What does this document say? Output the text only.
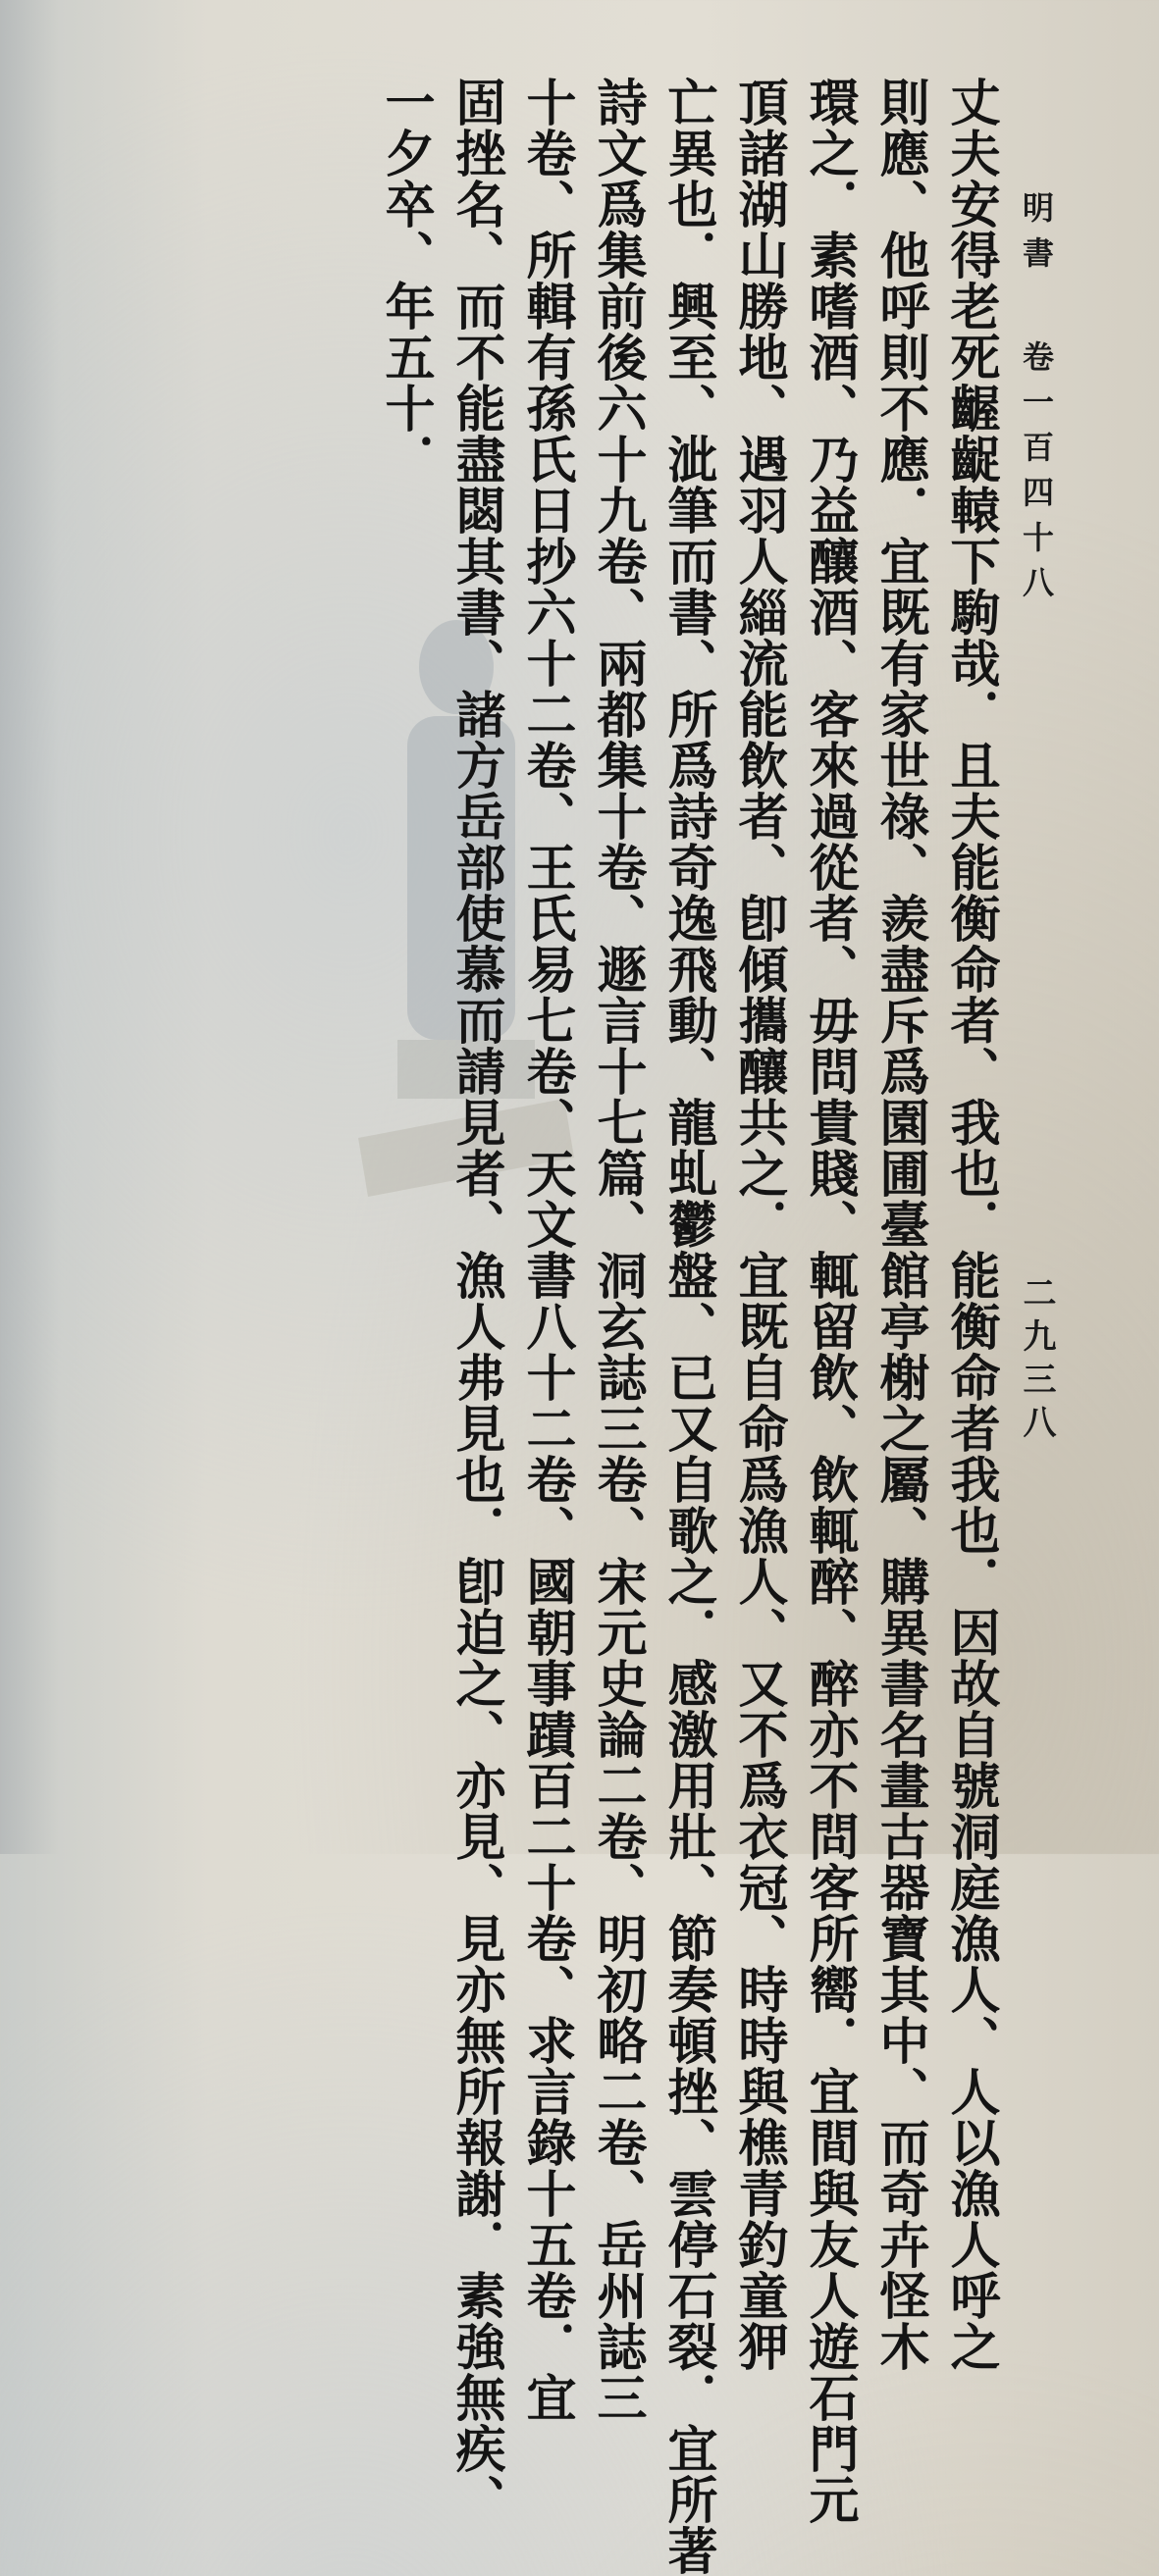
明書卷一百四十八
二九三八
丈夫安得老死齷齪轅下駒哉．且夫能衡命者、我也．能衡命者我也．因故自號洞庭漁人、人以漁人呼之
則應、他呼則不應．宜既有家世祿、羨盡斥爲園圃臺館亭榭之屬、購異書名畫古器寶其中、而奇卉怪木
環之．素嗜酒、乃益釀酒、客來過從者、毋問貴賤、輒留飲、飲輒醉、醉亦不問客所嚮．宜間與友人遊石門元
頂諸湖山勝地、遇羽人緇流能飲者、卽傾攜釀共之．宜既自命爲漁人、又不爲衣冠、時時與樵青釣童狎
亡異也．興至、泚筆而書、所爲詩奇逸飛動、龍虬鬱盤、已又自歌之．感激用壯、節奏頓挫、雲停石裂．宜所著
詩文爲集前後六十九卷、兩都集十卷、遯言十七篇、洞玄誌三卷、宋元史論二卷、明初略二卷、岳州誌三
十卷、所輯有孫氏日抄六十二卷、王氏易七卷、天文書八十二卷、國朝事蹟百二十卷、求言錄十五卷．宜
固挫名、而不能盡閟其書、諸方岳部使慕而請見者、漁人弗見也．卽迫之、亦見、見亦無所報謝．素強無疾、
一夕卒、年五十．
